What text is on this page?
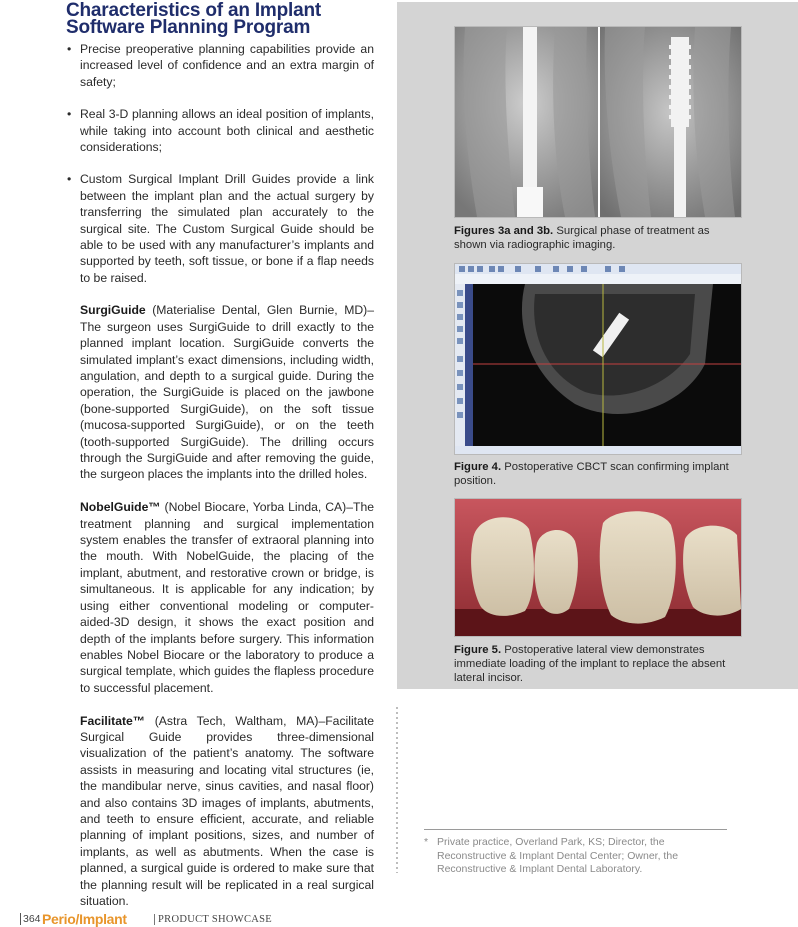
Characteristics of an Implant
Software Planning Program
• Precise preoperative planning capabilities provide an increased level of confidence and an extra margin of safety;
• Real 3-D planning allows an ideal position of implants, while taking into account both clinical and aesthetic considerations;
• Custom Surgical Implant Drill Guides provide a link between the implant plan and the actual surgery by transferring the simulated plan accurately to the surgical site. The Custom Surgical Guide should be able to be used with any manufacturer’s implants and supported by teeth, soft tissue, or bone if a flap needs to be raised.

SurgiGuide (Materialise Dental, Glen Burnie, MD)–The surgeon uses SurgiGuide to drill exactly to the planned implant location. SurgiGuide converts the simulated implant’s exact dimensions, including width, angulation, and depth to a surgical guide. During the operation, the SurgiGuide is placed on the jawbone (bone-supported SurgiGuide), on the soft tissue (mucosa-supported SurgiGuide), or on the teeth (tooth-supported SurgiGuide). The drilling occurs through the SurgiGuide and after removing the guide, the surgeon places the implants into the drilled holes.

NobelGuide™ (Nobel Biocare, Yorba Linda, CA)–The treatment planning and surgical implementation system enables the transfer of extraoral planning into the mouth. With NobelGuide, the placing of the implant, abutment, and restorative crown or bridge, is simultaneous. It is applicable for any indication; by using either conventional modeling or computer-aided-3D design, it shows the exact position and depth of the implants before surgery. This information enables Nobel Biocare or the laboratory to produce a surgical template, which guides the flapless procedure to successful placement.

Facilitate™ (Astra Tech, Waltham, MA)–Facilitate Surgical Guide provides three-dimensional visualization of the patient’s anatomy. The software assists in measuring and locating vital structures (ie, the mandibular nerve, sinus cavities, and nasal floor) and also contains 3D images of implants, abutments, and teeth to ensure efficient, accurate, and reliable planning of implant positions, sizes, and number of implants, as well as abutments. When the case is planned, a surgical guide is ordered to make sure that the planning result will be replicated in a real surgical situation.

Figures 3a and 3b. Surgical phase of treatment as shown via radiographic imaging.
Figure 4. Postoperative CBCT scan confirming implant position.
Figure 5. Postoperative lateral view demonstrates immediate loading of the implant to replace the absent lateral incisor.
* Private practice, Overland Park, KS; Director, the Reconstructive & Implant Dental Center; Owner, the Reconstructive & Implant Dental Laboratory.
364 Perio/Implant	PRODUCT SHOWCASE
